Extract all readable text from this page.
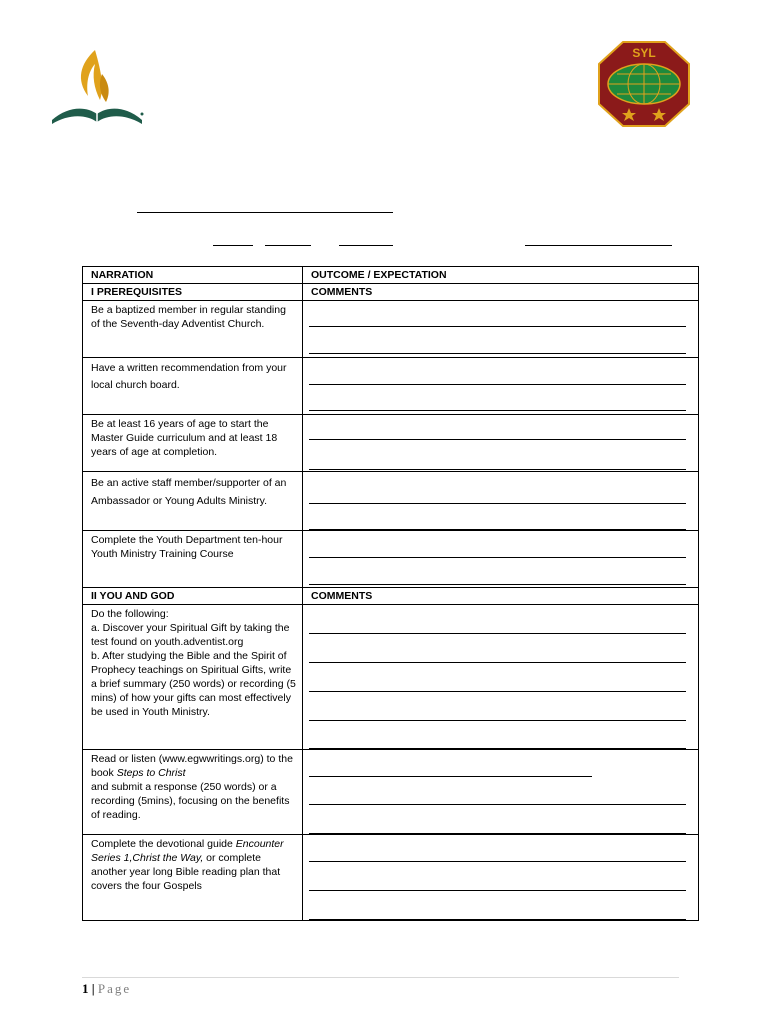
SYL
NARRATION	OUTCOME / EXPECTATION
I PREREQUISITES	COMMENTS
Be a baptized member in regular standing of the Seventh-day Adventist Church.	

Have a written recommendation from your local church board.	

Be at least 16 years of age to start the Master Guide curriculum and at least 18 years of age at completion.	

Be an active staff member/supporter of an Ambassador or Young Adults Ministry.	

Complete the Youth Department ten-hour Youth Ministry Training Course	

II YOU AND GOD	COMMENTS

Do the following:
a. Discover your Spiritual Gift by taking the test found on youth.adventist.org
b. After studying the Bible and the Spirit of Prophecy teachings on Spiritual Gifts, write a brief summary (250 words) or recording (5 mins) of how your gifts can most effectively be used in Youth Ministry.	

Read or listen (www.egwwritings.org) to the book Steps to Christ
and submit a response (250 words) or a recording (5mins), focusing on the benefits of reading.	

Complete the devotional guide Encounter Series 1,Christ the Way, or complete another year long Bible reading plan that covers the four Gospels	
1 | Page
